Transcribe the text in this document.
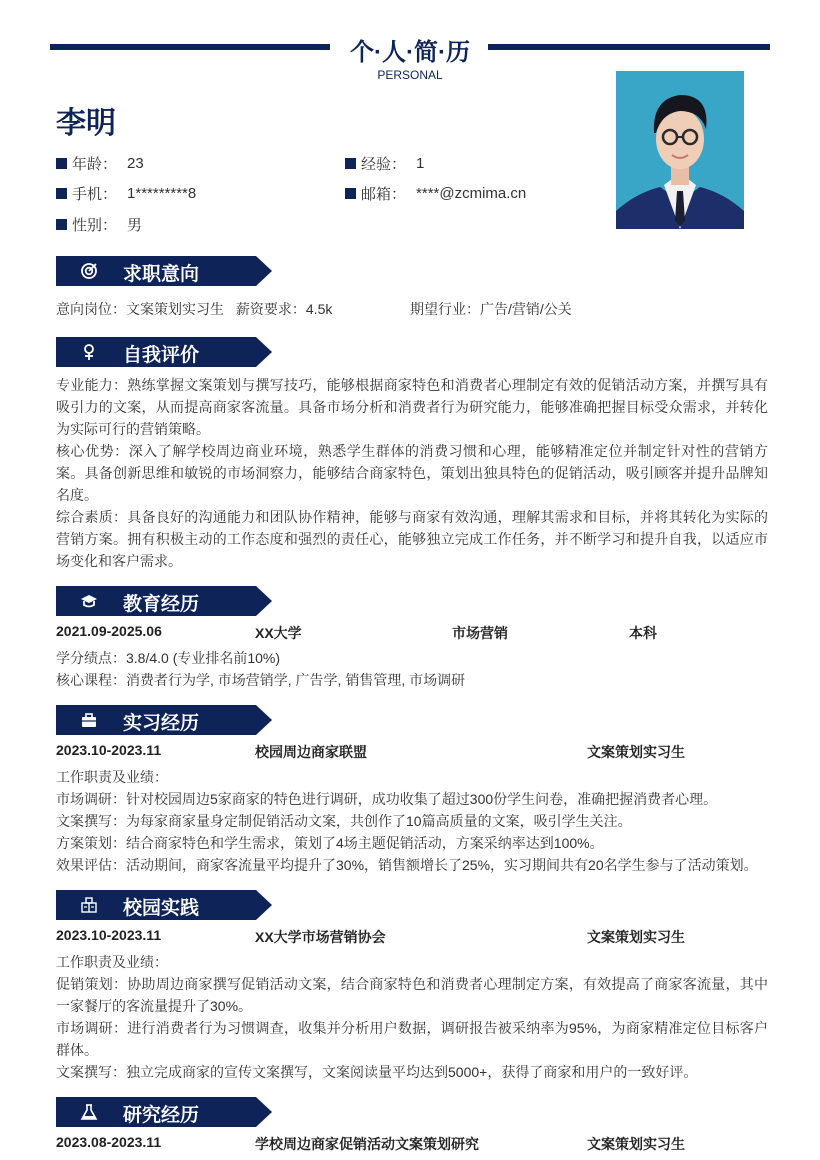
个·人·简·历
PERSONAL
李明
年龄： 23	经验： 1
手机： 1*********8	邮箱： ****@zcmima.cn
性别： 男
求职意向
意向岗位：文案策划实习生 薪资要求：4.5k	期望行业：广告/营销/公关
自我评价
专业能力：熟练掌握文案策划与撰写技巧，能够根据商家特色和消费者心理制定有效的促销活动方案，并撰写具有吸引力的文案，从而提高商家客流量。具备市场分析和消费者行为研究能力，能够准确把握目标受众需求，并转化为实际可行的营销策略。
核心优势：深入了解学校周边商业环境，熟悉学生群体的消费习惯和心理，能够精准定位并制定针对性的营销方案。具备创新思维和敏锐的市场洞察力，能够结合商家特色，策划出独具特色的促销活动，吸引顾客并提升品牌知名度。
综合素质：具备良好的沟通能力和团队协作精神，能够与商家有效沟通，理解其需求和目标，并将其转化为实际的营销方案。拥有积极主动的工作态度和强烈的责任心，能够独立完成工作任务，并不断学习和提升自我，以适应市场变化和客户需求。
教育经历
2021.09-2025.06	XX大学	市场营销	本科
学分绩点：3.8/4.0 (专业排名前10%)
核心课程：消费者行为学, 市场营销学, 广告学, 销售管理, 市场调研
实习经历
2023.10-2023.11	校园周边商家联盟	文案策划实习生
工作职责及业绩：
市场调研：针对校园周边5家商家的特色进行调研，成功收集了超过300份学生问卷，准确把握消费者心理。
文案撰写：为每家商家量身定制促销活动文案，共创作了10篇高质量的文案，吸引学生关注。
方案策划：结合商家特色和学生需求，策划了4场主题促销活动，方案采纳率达到100%。
效果评估：活动期间，商家客流量平均提升了30%，销售额增长了25%，实习期间共有20名学生参与了活动策划。
校园实践
2023.10-2023.11	XX大学市场营销协会	文案策划实习生
工作职责及业绩：
促销策划：协助周边商家撰写促销活动文案，结合商家特色和消费者心理制定方案，有效提高了商家客流量，其中一家餐厅的客流量提升了30%。
市场调研：进行消费者行为习惯调查，收集并分析用户数据，调研报告被采纳率为95%，为商家精准定位目标客户群体。
文案撰写：独立完成商家的宣传文案撰写，文案阅读量平均达到5000+，获得了商家和用户的一致好评。
研究经历
2023.08-2023.11	学校周边商家促销活动文案策划研究	文案策划实习生
